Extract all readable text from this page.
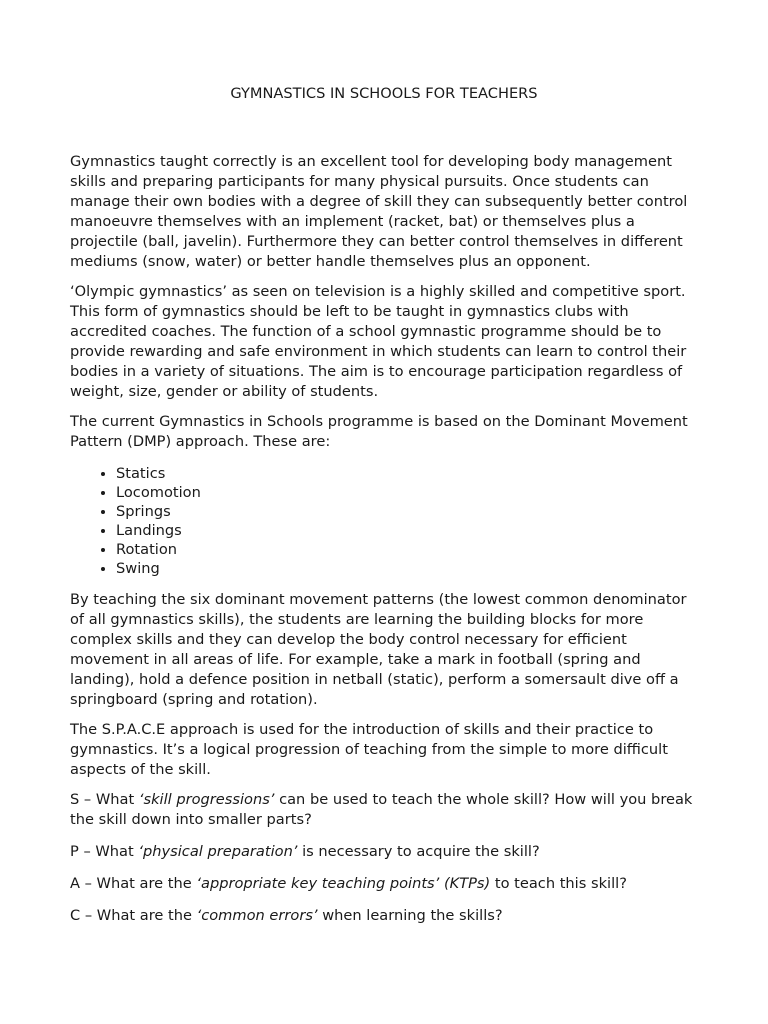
GYMNASTICS IN SCHOOLS FOR TEACHERS

Gymnastics taught correctly is an excellent tool for developing body management skills and preparing participants for many physical pursuits. Once students can manage their own bodies with a degree of skill they can subsequently better control manoeuvre themselves with an implement (racket, bat) or themselves plus a projectile (ball, javelin). Furthermore they can better control themselves in different mediums (snow, water) or better handle themselves plus an opponent.

‘Olympic gymnastics’ as seen on television is a highly skilled and competitive sport. This form of gymnastics should be left to be taught in gymnastics clubs with accredited coaches. The function of a school gymnastic programme should be to provide rewarding and safe environment in which students can learn to control their bodies in a variety of situations. The aim is to encourage participation regardless of weight, size, gender or ability of students.

The current Gymnastics in Schools programme is based on the Dominant Movement Pattern (DMP) approach. These are:

• Statics
• Locomotion
• Springs
• Landings
• Rotation
• Swing

By teaching the six dominant movement patterns (the lowest common denominator of all gymnastics skills), the students are learning the building blocks for more complex skills and they can develop the body control necessary for efficient movement in all areas of life. For example, take a mark in football (spring and landing), hold a defence position in netball (static), perform a somersault dive off a springboard (spring and rotation).

The S.P.A.C.E approach is used for the introduction of skills and their practice to gymnastics. It’s a logical progression of teaching from the simple to more difficult aspects of the skill.

S – What ‘skill progressions’ can be used to teach the whole skill? How will you break the skill down into smaller parts?

P – What ‘physical preparation’ is necessary to acquire the skill?

A – What are the ‘appropriate key teaching points’ (KTPs) to teach this skill?

C – What are the ‘common errors’ when learning the skills?
